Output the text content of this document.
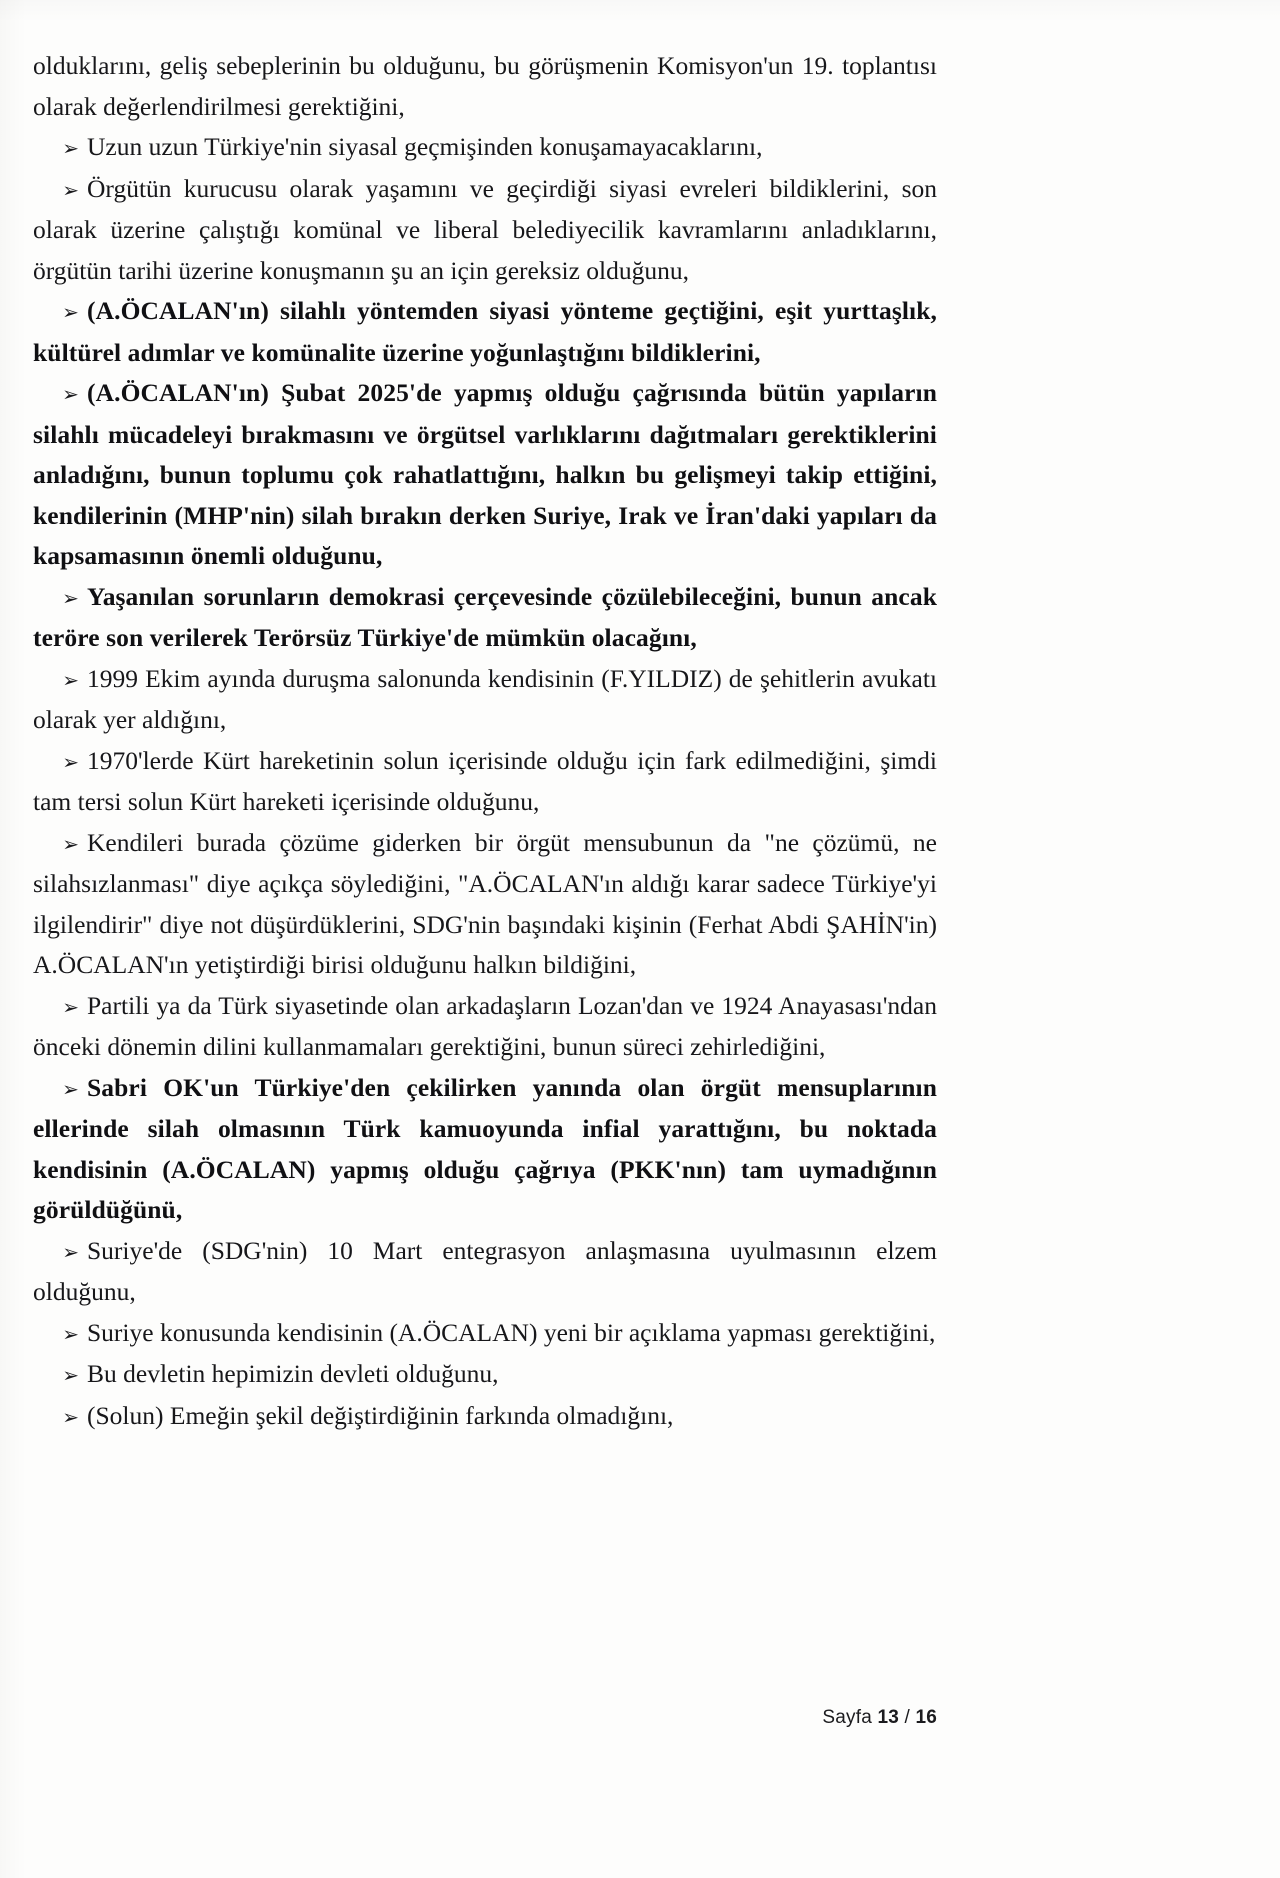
olduklarını, geliş sebeplerinin bu olduğunu, bu görüşmenin Komisyon'un 19. toplantısı olarak değerlendirilmesi gerektiğini,

➢ Uzun uzun Türkiye'nin siyasal geçmişinden konuşamayacaklarını,

➢ Örgütün kurucusu olarak yaşamını ve geçirdiği siyasi evreleri bildiklerini, son olarak üzerine çalıştığı komünal ve liberal belediyecilik kavramlarını anladıklarını, örgütün tarihi üzerine konuşmanın şu an için gereksiz olduğunu,

➢ (A.ÖCALAN'ın) silahlı yöntemden siyasi yönteme geçtiğini, eşit yurttaşlık, kültürel adımlar ve komünalite üzerine yoğunlaştığını bildiklerini,

➢ (A.ÖCALAN'ın) Şubat 2025'de yapmış olduğu çağrısında bütün yapıların silahlı mücadeleyi bırakmasını ve örgütsel varlıklarını dağıtmaları gerektiklerini anladığını, bunun toplumu çok rahatlattığını, halkın bu gelişmeyi takip ettiğini, kendilerinin (MHP'nin) silah bırakın derken Suriye, Irak ve İran'daki yapıları da kapsamasının önemli olduğunu,

➢ Yaşanılan sorunların demokrasi çerçevesinde çözülebileceğini, bunun ancak teröre son verilerek Terörsüz Türkiye'de mümkün olacağını,

➢ 1999 Ekim ayında duruşma salonunda kendisinin (F.YILDIZ) de şehitlerin avukatı olarak yer aldığını,

➢ 1970'lerde Kürt hareketinin solun içerisinde olduğu için fark edilmediğini, şimdi tam tersi solun Kürt hareketi içerisinde olduğunu,

➢ Kendileri burada çözüme giderken bir örgüt mensubunun da "ne çözümü, ne silahsızlanması" diye açıkça söylediğini, "A.ÖCALAN'ın aldığı karar sadece Türkiye'yi ilgilendirir" diye not düşürdüklerini, SDG'nin başındaki kişinin (Ferhat Abdi ŞAHİN'in) A.ÖCALAN'ın yetiştirdiği birisi olduğunu halkın bildiğini,

➢ Partili ya da Türk siyasetinde olan arkadaşların Lozan'dan ve 1924 Anayasası'ndan önceki dönemin dilini kullanmamaları gerektiğini, bunun süreci zehirlediğini,

➢ Sabri OK'un Türkiye'den çekilirken yanında olan örgüt mensuplarının ellerinde silah olmasının Türk kamuoyunda infial yarattığını, bu noktada kendisinin (A.ÖCALAN) yapmış olduğu çağrıya (PKK'nın) tam uymadığının görüldüğünü,

➢ Suriye'de (SDG'nin) 10 Mart entegrasyon anlaşmasına uyulmasının elzem olduğunu,

➢ Suriye konusunda kendisinin (A.ÖCALAN) yeni bir açıklama yapması gerektiğini,

➢ Bu devletin hepimizin devleti olduğunu,

➢ (Solun) Emeğin şekil değiştirdiğinin farkında olmadığını,

Sayfa 13 / 16
